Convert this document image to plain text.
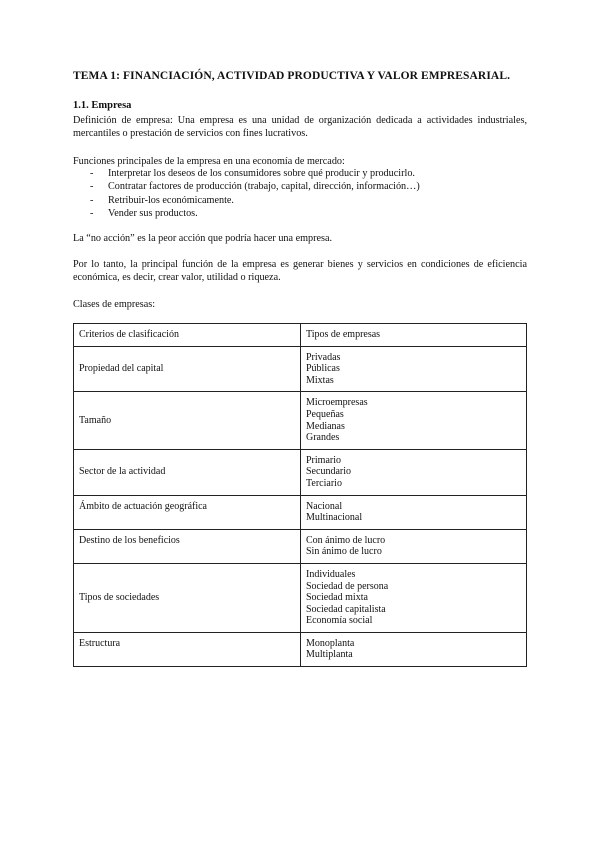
TEMA 1: FINANCIACIÓN, ACTIVIDAD PRODUCTIVA Y VALOR EMPRESARIAL.
1.1. Empresa
Definición de empresa: Una empresa es una unidad de organización dedicada a actividades industriales, mercantiles o prestación de servicios con fines lucrativos.
Funciones principales de la empresa en una economía de mercado:
- Interpretar los deseos de los consumidores sobre qué producir y producirlo.
- Contratar factores de producción (trabajo, capital, dirección, información…)
- Retribuir-los económicamente.
- Vender sus productos.
La “no acción” es la peor acción que podría hacer una empresa.
Por lo tanto, la principal función de la empresa es generar bienes y servicios en condiciones de eficiencia económica, es decir, crear valor, utilidad o riqueza.
Clases de empresas:
Criterios de clasificación	Tipos de empresas
Propiedad del capital	Privadas
Públicas
Mixtas

Tamaño	Microempresas
Pequeñas
Medianas
Grandes

Sector de la actividad	Primario
Secundario
Terciario

Ámbito de actuación geográfica	Nacional
Multinacional

Destino de los beneficios	Con ánimo de lucro
Sin ánimo de lucro

Tipos de sociedades	Individuales
Sociedad de persona
Sociedad mixta
Sociedad capitalista
Economía social

Estructura	Monoplanta
Multiplanta
